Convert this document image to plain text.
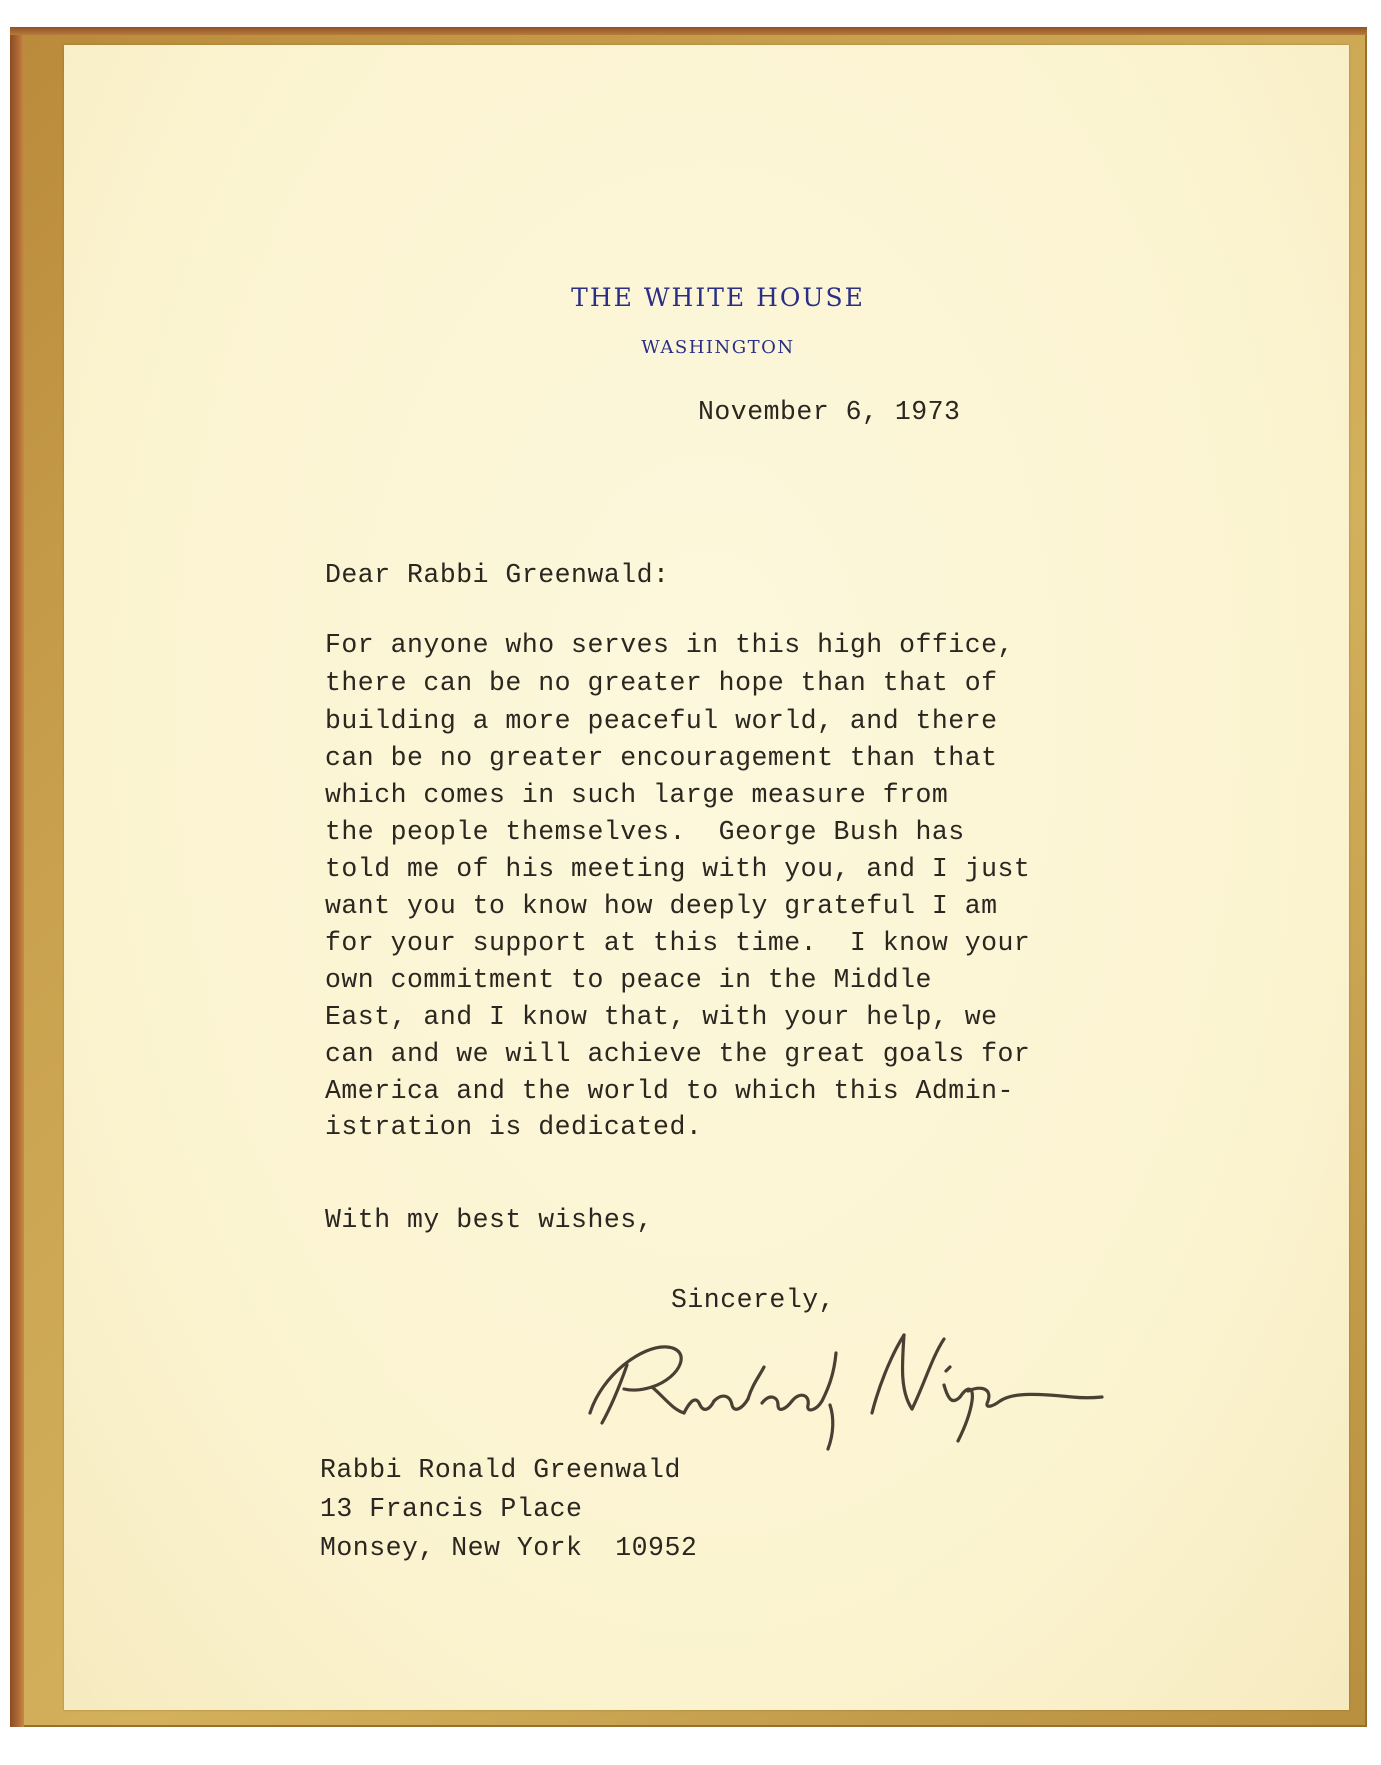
THE WHITE HOUSE
WASHINGTON
November 6, 1973
Dear Rabbi Greenwald:
For anyone who serves in this high office,
there can be no greater hope than that of
building a more peaceful world, and there
can be no greater encouragement than that
which comes in such large measure from
the people themselves.  George Bush has
told me of his meeting with you, and I just
want you to know how deeply grateful I am
for your support at this time.  I know your
own commitment to peace in the Middle
East, and I know that, with your help, we
can and we will achieve the great goals for
America and the world to which this Admin-
istration is dedicated.
With my best wishes,
Sincerely,
Rabbi Ronald Greenwald
13 Francis Place
Monsey, New York  10952
